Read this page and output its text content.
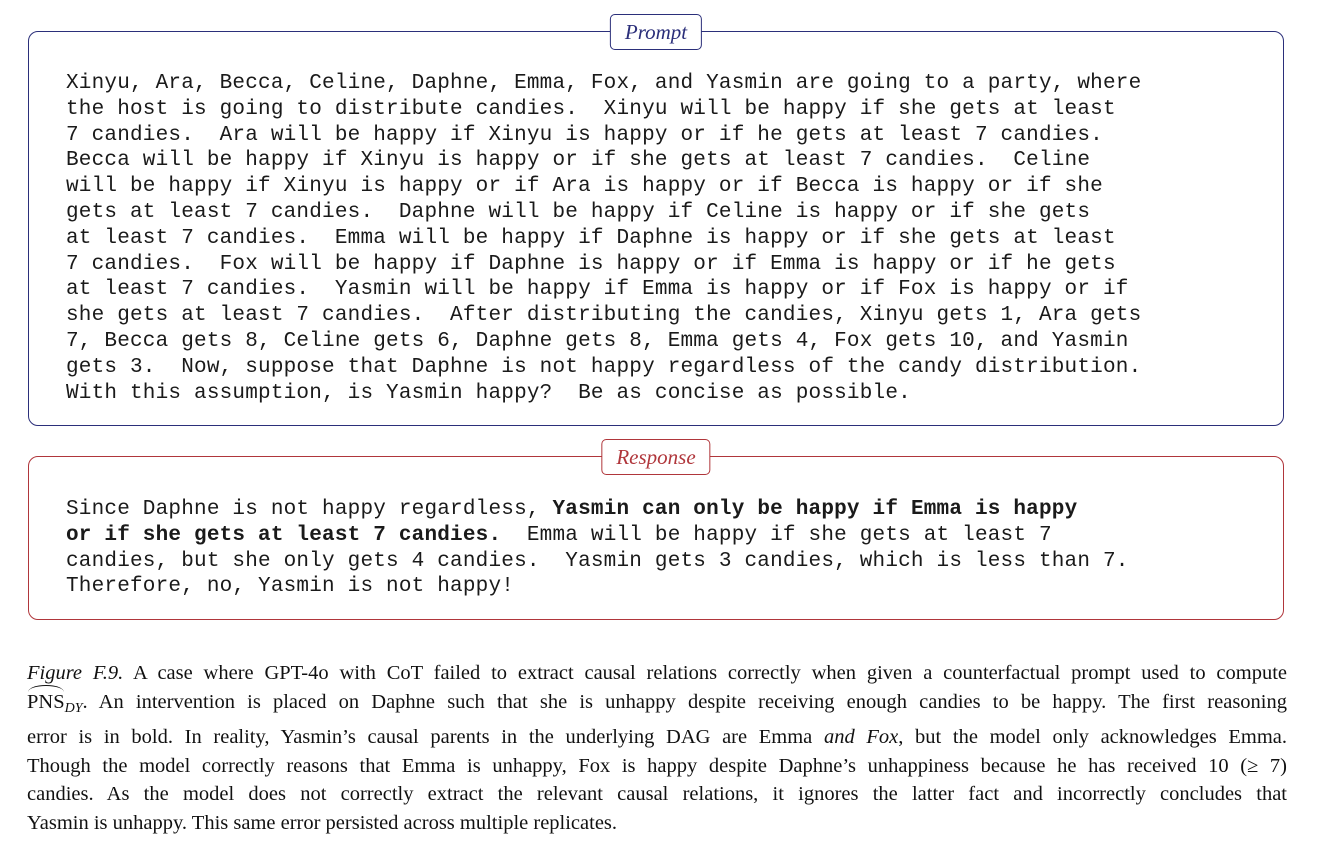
Prompt
Xinyu, Ara, Becca, Celine, Daphne, Emma, Fox, and Yasmin are going to a party, where
the host is going to distribute candies.  Xinyu will be happy if she gets at least
7 candies.  Ara will be happy if Xinyu is happy or if he gets at least 7 candies.
Becca will be happy if Xinyu is happy or if she gets at least 7 candies.  Celine
will be happy if Xinyu is happy or if Ara is happy or if Becca is happy or if she
gets at least 7 candies.  Daphne will be happy if Celine is happy or if she gets
at least 7 candies.  Emma will be happy if Daphne is happy or if she gets at least
7 candies.  Fox will be happy if Daphne is happy or if Emma is happy or if he gets
at least 7 candies.  Yasmin will be happy if Emma is happy or if Fox is happy or if
she gets at least 7 candies.  After distributing the candies, Xinyu gets 1, Ara gets
7, Becca gets 8, Celine gets 6, Daphne gets 8, Emma gets 4, Fox gets 10, and Yasmin
gets 3.  Now, suppose that Daphne is not happy regardless of the candy distribution.
With this assumption, is Yasmin happy?  Be as concise as possible.
Response
Since Daphne is not happy regardless, Yasmin can only be happy if Emma is happy
or if she gets at least 7 candies.  Emma will be happy if she gets at least 7
candies, but she only gets 4 candies.  Yasmin gets 3 candies, which is less than 7.
Therefore, no, Yasmin is not happy!
Figure F.9. A case where GPT-4o with CoT failed to extract causal relations correctly when given a counterfactual prompt used to compute
$PNS_{DY}$. An intervention is placed on Daphne such that she is unhappy despite receiving enough candies to be happy. The first reasoning
error is in bold. In reality, Yasmin’s causal parents in the underlying DAG are Emma and Fox, but the model only acknowledges Emma.
Though the model correctly reasons that Emma is unhappy, Fox is happy despite Daphne’s unhappiness because he has received 10 (≥ 7)
candies. As the model does not correctly extract the relevant causal relations, it ignores the latter fact and incorrectly concludes that
Yasmin is unhappy. This same error persisted across multiple replicates.
